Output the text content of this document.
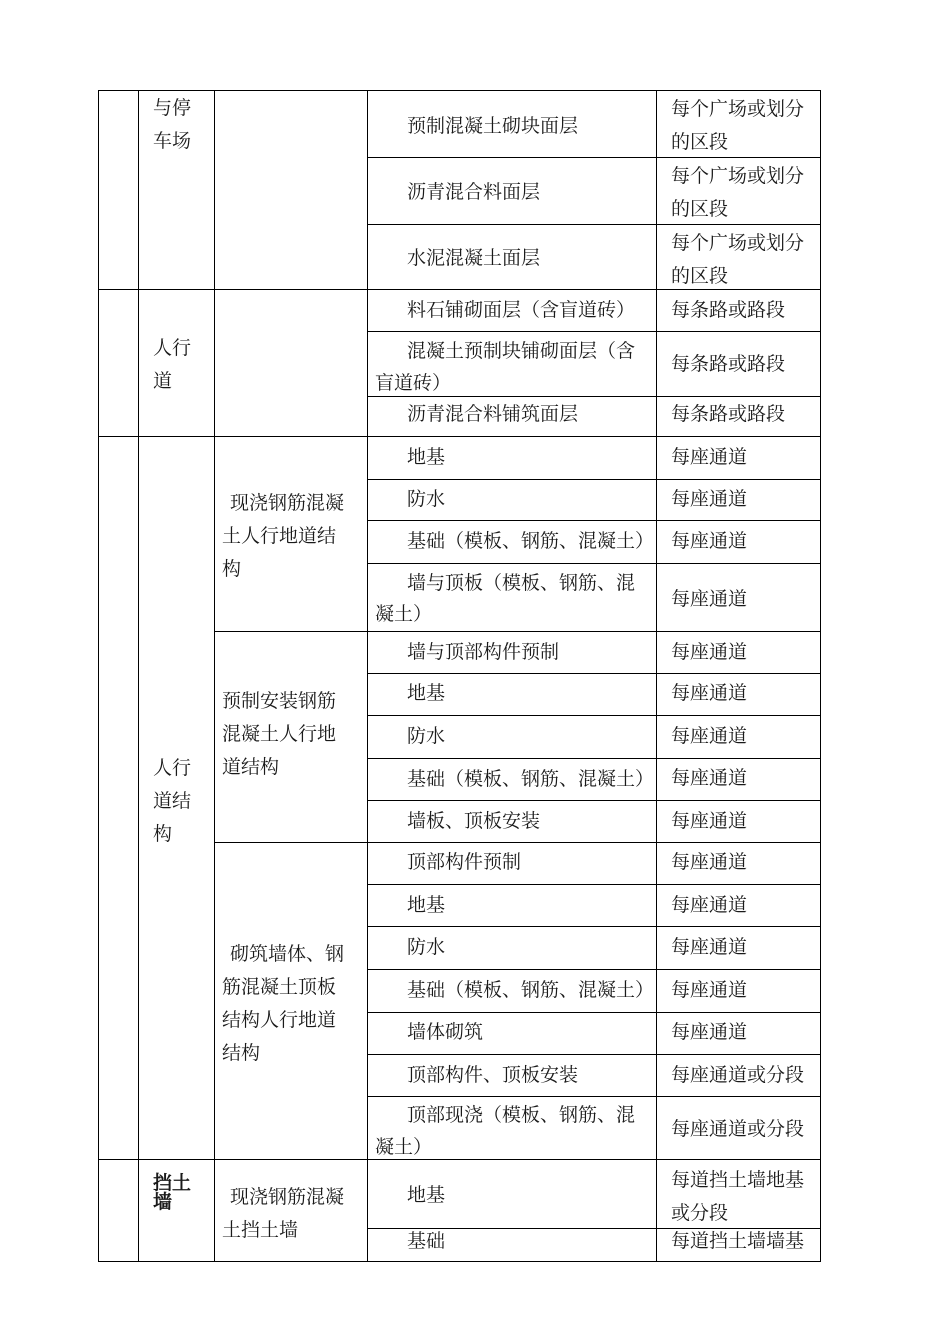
与停
车场
人行
道
人行
道结
构
挡土
墙
现浇钢筋混凝
土人行地道结
构
预制安装钢筋
混凝土人行地
道结构
砌筑墙体、钢
筋混凝土顶板
结构人行地道
结构
现浇钢筋混凝
土挡土墙
预制混凝土砌块面层
沥青混合料面层
水泥混凝土面层
料石铺砌面层（含盲道砖）
混凝土预制块铺砌面层（含
盲道砖）
沥青混合料铺筑面层
地基
防水
基础（模板、钢筋、混凝土）
墙与顶板（模板、钢筋、混
凝土）
墙与顶部构件预制
地基
防水
基础（模板、钢筋、混凝土）
墙板、顶板安装
顶部构件预制
地基
防水
基础（模板、钢筋、混凝土）
墙体砌筑
顶部构件、顶板安装
顶部现浇（模板、钢筋、混
凝土）
地基
基础
每个广场或划分
的区段
每个广场或划分
的区段
每个广场或划分
的区段
每条路或路段
每条路或路段
每条路或路段
每座通道
每座通道
每座通道
每座通道
每座通道
每座通道
每座通道
每座通道
每座通道
每座通道
每座通道
每座通道
每座通道
每座通道
每座通道或分段
每座通道或分段
每道挡土墙地基
或分段
每道挡土墙墙基
